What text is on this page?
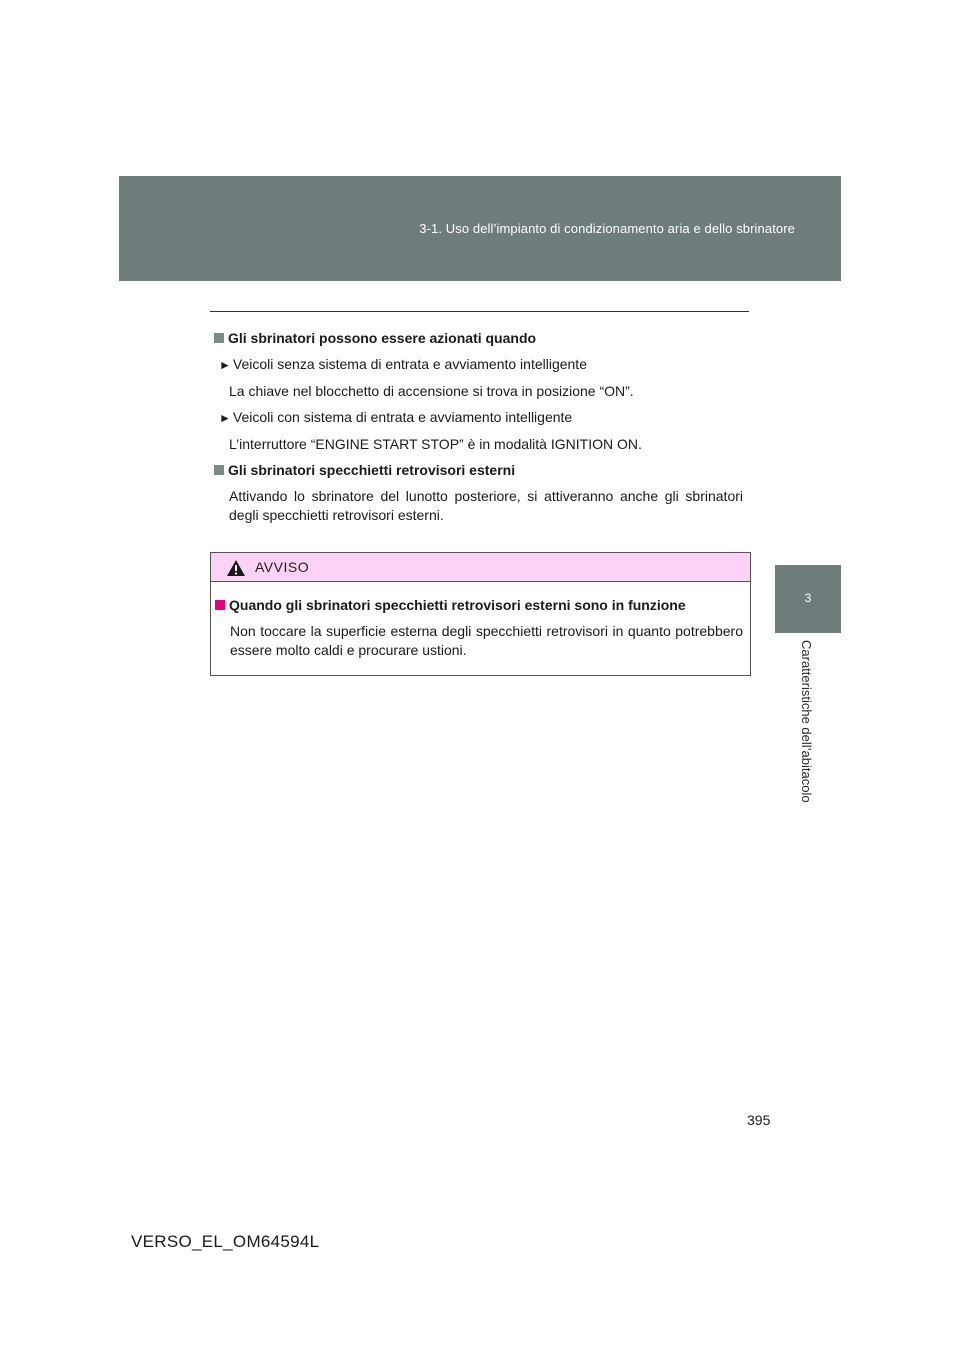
3-1. Uso dell’impianto di condizionamento aria e dello sbrinatore
3
Caratteristiche dell’abitacolo
Gli sbrinatori possono essere azionati quando
► Veicoli senza sistema di entrata e avviamento intelligente
La chiave nel blocchetto di accensione si trova in posizione “ON”.
► Veicoli con sistema di entrata e avviamento intelligente
L’interruttore “ENGINE START STOP” è in modalità IGNITION ON.
Gli sbrinatori specchietti retrovisori esterni
Attivando lo sbrinatore del lunotto posteriore, si attiveranno anche gli sbrinatori degli specchietti retrovisori esterni.
AVVISO
Quando gli sbrinatori specchietti retrovisori esterni sono in funzione
Non toccare la superficie esterna degli specchietti retrovisori in quanto potrebbero essere molto caldi e procurare ustioni.
395
VERSO_EL_OM64594L
